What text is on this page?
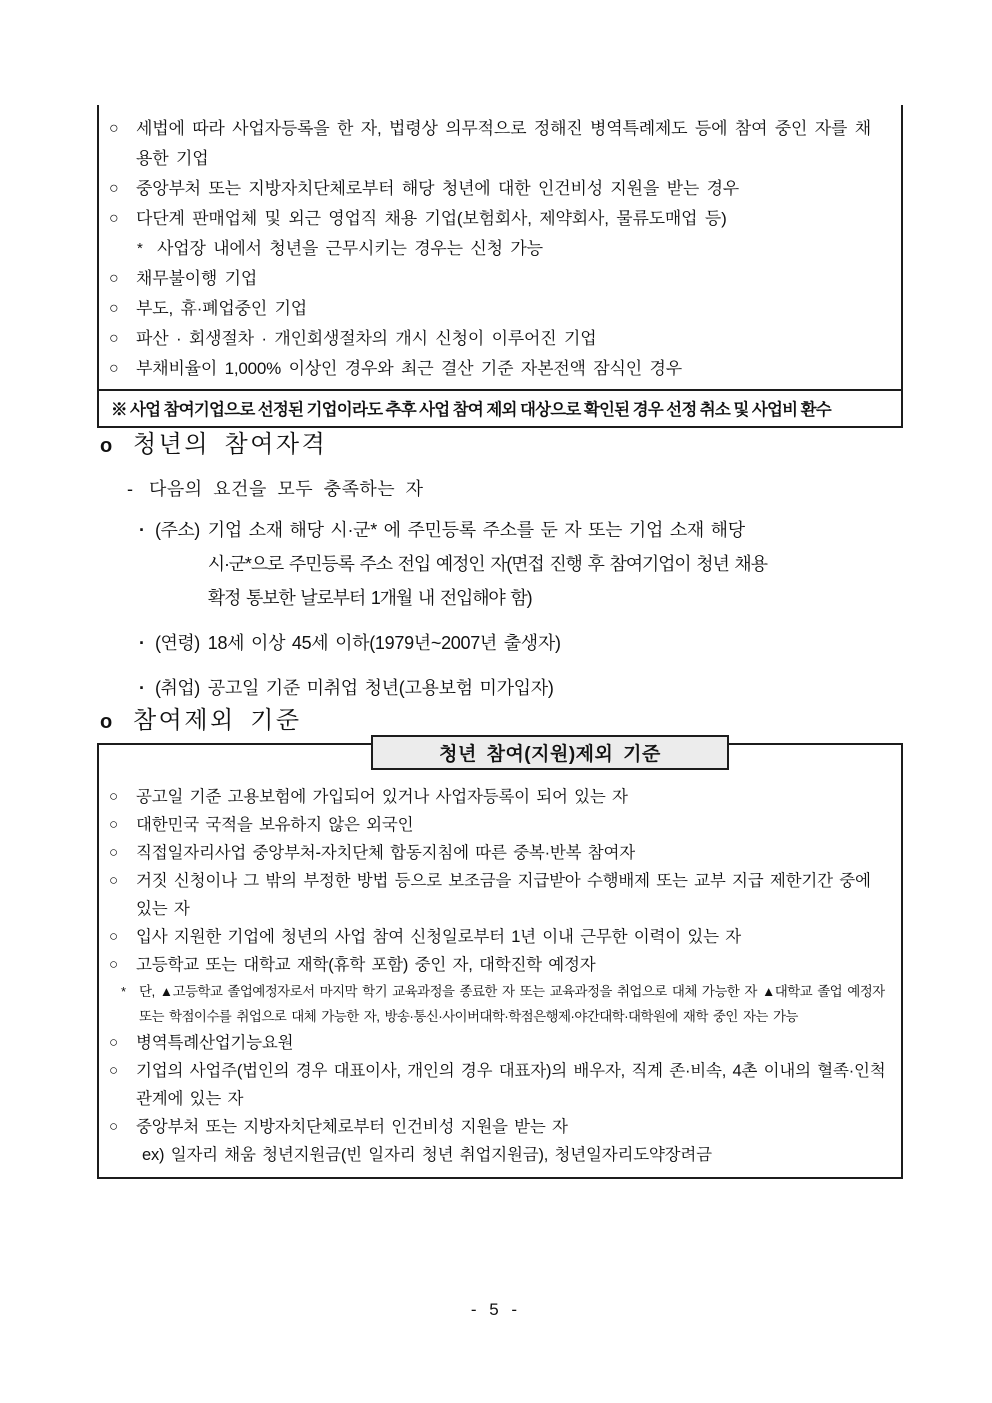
○	세법에 따라 사업자등록을 한 자, 법령상 의무적으로 정해진 병역특례제도 등에 참여 중인 자를 채용한 기업
○	중앙부처 또는 지방자치단체로부터 해당 청년에 대한 인건비성 지원을 받는 경우
○	다단계 판매업체 및 외근 영업직 채용 기업(보험회사, 제약회사, 물류도매업 등)
* 사업장 내에서 청년을 근무시키는 경우는 신청 가능
○	채무불이행 기업
○	부도, 휴·폐업중인 기업
○	파산 · 회생절차 · 개인회생절차의 개시 신청이 이루어진 기업
○	부채비율이 1,000% 이상인 경우와 최근 결산 기준 자본전액 잠식인 경우
※ 사업 참여기업으로 선정된 기업이라도 추후 사업 참여 제외 대상으로 확인된 경우 선정 취소 및 사업비 환수
o 청년의 참여자격
- 다음의 요건을 모두 충족하는 자
· (주소) 기업 소재 해당 시·군* 에 주민등록 주소를 둔 자 또는 기업 소재 해당
시·군*으로 주민등록 주소 전입 예정인 자(면접 진행 후 참여기업이 청년 채용
확정 통보한 날로부터 1개월 내 전입해야 함)
· (연령) 18세 이상 45세 이하(1979년~2007년 출생자)
· (취업) 공고일 기준 미취업 청년(고용보험 미가입자)
o 참여제외 기준
청년 참여(지원)제외 기준
○	공고일 기준 고용보험에 가입되어 있거나 사업자등록이 되어 있는 자
○	대한민국 국적을 보유하지 않은 외국인
○	직접일자리사업 중앙부처-자치단체 합동지침에 따른 중복·반복 참여자
○	거짓 신청이나 그 밖의 부정한 방법 등으로 보조금을 지급받아 수행배제 또는 교부 지급 제한기간 중에 있는 자
○	입사 지원한 기업에 청년의 사업 참여 신청일로부터 1년 이내 근무한 이력이 있는 자
○	고등학교 또는 대학교 재학(휴학 포함) 중인 자, 대학진학 예정자
*	단, ▲고등학교 졸업예정자로서 마지막 학기 교육과정을 종료한 자 또는 교육과정을 취업으로 대체 가능한 자 ▲대학교 졸업 예정자 또는 학점이수를 취업으로 대체 가능한 자, 방송·통신·사이버대학·학점은행제·야간대학·대학원에 재학 중인 자는 가능
○	병역특례산업기능요원
○	기업의 사업주(법인의 경우 대표이사, 개인의 경우 대표자)의 배우자, 직계 존·비속, 4촌 이내의 혈족·인척 관계에 있는 자
○	중앙부처 또는 지방자치단체로부터 인건비성 지원을 받는 자
ex) 일자리 채움 청년지원금(빈 일자리 청년 취업지원금), 청년일자리도약장려금
- 5 -
